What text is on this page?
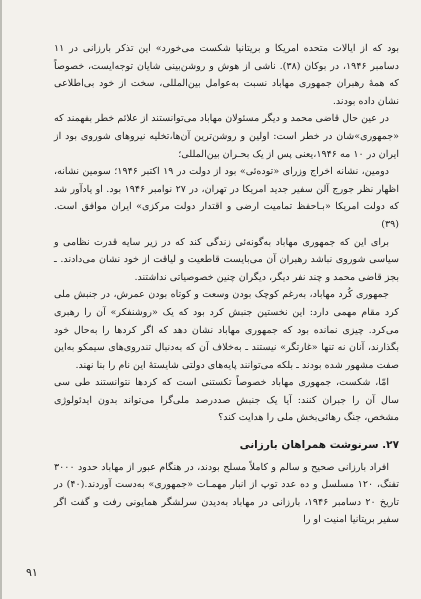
بود که از ایالات متحده امریکا و بریتانیا شکست می‌خورد» این تذکر بارزانی در ۱۱ دسامبر ۱۹۴۶، در بوکان‌ (۳۸). ناشی از هوش و روشن‌بینی شایان توجه‌ایست، خصوصاً که همهٔ رهبران جمهوری مهاباد نسبت به‌عوامل بین‌المللی، سخت از خود بی‌اطلاعی نشان داده بودند.

در عین حال قاضی محمد و دیگر مسئولان مهاباد می‌توانستند از علائم خطر بفهمند که «جمهوری»شان در خطر است: اولین و روشن‌ترین آن‌ها،تخلیه نیروهای شوروی بود از ایران در ۱۰ مه ۱۹۴۶،یعنی پس از یک بحـران بین‌المللی؛

دومین، نشانه اخراج وزرای «توده‌ئی» بود از دولت در ۱۹ اکتبر ۱۹۴۶؛ سومین نشانه، اظهار نظر جورج آلن سفیر جدید امریکا در تهران، در ۲۷ نوامبر ۱۹۴۶ بود. او یادآور شد که دولت امریکا «بـاحفظ تمامیت ارضی و اقتدار دولت مرکزی» ایران موافق است.(۳۹)

برای این که جمهوری مهاباد به‌گونه‌ئی زندگی کند که در زیر سایه قدرت نظامی و سیاسی شوروی نباشد رهبران آن‌ می‌بایست قاطعیت و لیاقت از خود نشان می‌دادند. ـ بجز قاضی محمد و چند نفر دیگر، دیگران چنین خصوصیاتی نداشتند.

جمهوری کُرد مهاباد، به‌رغم کوچک بودن وسعت و کوتاه بودن عمرش، در جنبش ملی کرد مقام مهمی دارد: این نخستین جنبش کرد بود که یک «روشنفکر» آن را رهبری می‌کرد. چیزی نمانده بود که جمهوری مهاباد نشان دهد که اگر کردها را به‌حال خود بگذارند، آنان نه تنها «غارتگر» نیستند ـ به‌خلاف آن که به‌دنبال تندروی‌های سیمکو به‌این صفت مشهور شده بودند ـ بلکه می‌توانند پایه‌های دولتی شایستهٔ این نام را بنا نهند.

امّا، شکست، جمهوری مهاباد خصوصاً تکستنی است که کردها نتوانستند طی سی سال آن را جبران کنند: آیا یک جنبش صددرصد ملی‌گرا می‌تواند بدون ایدئولوژی مشخص، جنگ رهائی‌بخش ملی را هدایت کند؟

۲۷. سرنوشت همراهان بارزانی

افراد بارزانی صحیح و سالم و کاملاً مسلح بودند، در هنگام عبور از مهاباد حدود ۳۰۰۰ تفنگ، ۱۲۰ مسلسل و ده عدد توپ از انبار مهمـات «جمهوری» به‌دست آوردند.(۴۰) در تاریخ ۲۰ دسامبر ۱۹۴۶، بارزانی در مهاباد به‌دیدن سرلشگر همایونی رفت و گفت اگر سفیر بریتانیا امنیت او را

۹۱
